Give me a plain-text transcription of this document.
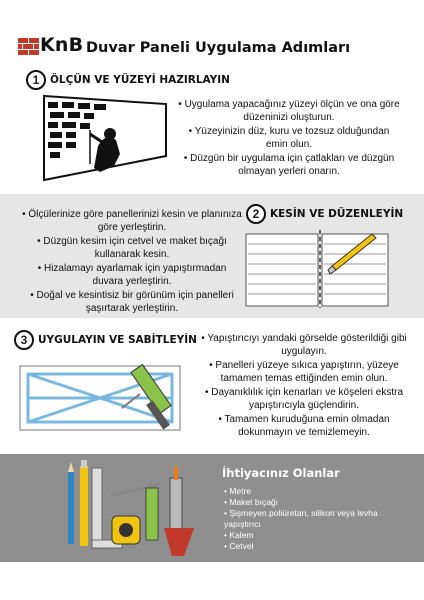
KnB Duvar Paneli Uygulama Adımları
1	ÖLÇÜN VE YÜZEYİ HAZIRLAYIN
• Uygulama yapacağınız yüzeyi ölçün ve ona göre düzeninizi oluşturun.
• Yüzeyinizin düz, kuru ve tozsuz olduğundan emin olun.
• Düzgün bir uygulama için çatlakları ve düzgün olmayan yerleri onarın.
• Ölçülerinize göre panellerinizi kesin ve planınıza göre yerleştirin.
• Düzgün kesim için cetvel ve maket bıçağı kullanarak kesin.
• Hizalamayı ayarlamak için yapıştırmadan duvara yerleştirin.
• Doğal ve kesintisiz bir görünüm için panelleri şaşırtarak yerleştirin.
2	KESİN VE DÜZENLEYİN
3	UYGULAYIN VE SABİTLEYİN • Yapıştırıcıyı yandaki görselde gösterildiği gibi uygulayın.
• Panelleri yüzeye sıkıca yapıştırın, yüzeye tamamen temas ettiğinden emin olun.
• Dayanıklılık için kenarları ve köşeleri ekstra yapıştırıcıyla güçlendirin.
• Tamamen kuruduğuna emin olmadan dokunmayın ve temizlemeyin.
İhtiyacınız Olanlar
• Metre
• Maket bıçağı
• Şişmeyen poliüretan, silikon veya levha yapıştırıcı
• Kalem
• Cetvel
